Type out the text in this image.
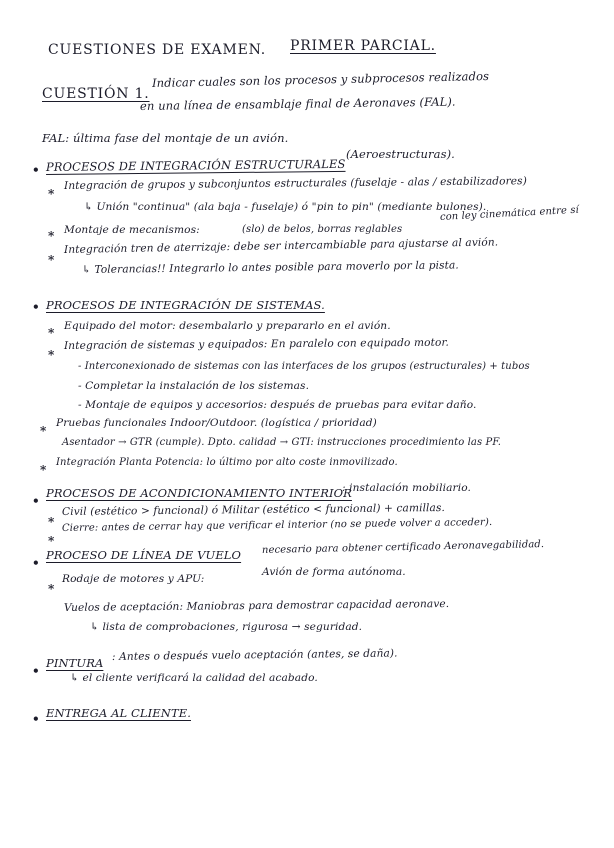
CUESTIONES DE EXAMEN. PRIMER PARCIAL.
CUESTIÓN 1.
Indicar cuales son los procesos y subprocesos realizados
en una línea de ensamblaje final de Aeronaves (FAL).
FAL: última fase del montaje de un avión.
• PROCESOS DE INTEGRACIÓN ESTRUCTURALES
(Aeroestructuras).
*
Integración de grupos y subconjuntos estructurales (fuselaje - alas / estabilizadores)
↳ Unión "continua" (ala baja - fuselaje) ó "pin to pin" (mediante bulones).
* Montaje de mecanismos:	(slo) de belos, borras reglables
con ley cinemática entre sí
*
Integración tren de aterrizaje: debe ser intercambiable para ajustarse al avión.
↳ Tolerancias!! Integrarlo lo antes posible para moverlo por la pista.
• PROCESOS DE INTEGRACIÓN DE SISTEMAS.
* Equipado del motor: desembalarlo y prepararlo en el avión.
*
Integración de sistemas y equipados: En paralelo con equipado motor.
- Interconexionado de sistemas con las interfaces de los grupos (estructurales) + tubos
- Completar la instalación de los sistemas.
- Montaje de equipos y accesorios: después de pruebas para evitar daño.
*
Pruebas funcionales Indoor/Outdoor. (logística / prioridad)
Asentador → GTR (cumple). Dpto. calidad → GTI: instrucciones procedimiento las PF.
*
Integración Planta Potencia: lo último por alto coste inmovilizado.
•
PROCESOS DE ACONDICIONAMIENTO INTERIOR
: instalación mobiliario.
*
Civil (estético > funcional) ó Militar (estético < funcional) + camillas.
*
Cierre: antes de cerrar hay que verificar el interior (no se puede volver a acceder).
•
PROCESO DE LÍNEA DE VUELO necesario para obtener certificado Aeronavegabilidad.
*
Rodaje de motores y APU:
Avión de forma autónoma.
Vuelos de aceptación: Maniobras para demostrar capacidad aeronave.
↳ lista de comprobaciones, rigurosa → seguridad.
•
PINTURA
: Antes o después vuelo aceptación (antes, se daña).
↳ el cliente verificará la calidad del acabado.
• ENTREGA AL CLIENTE.
